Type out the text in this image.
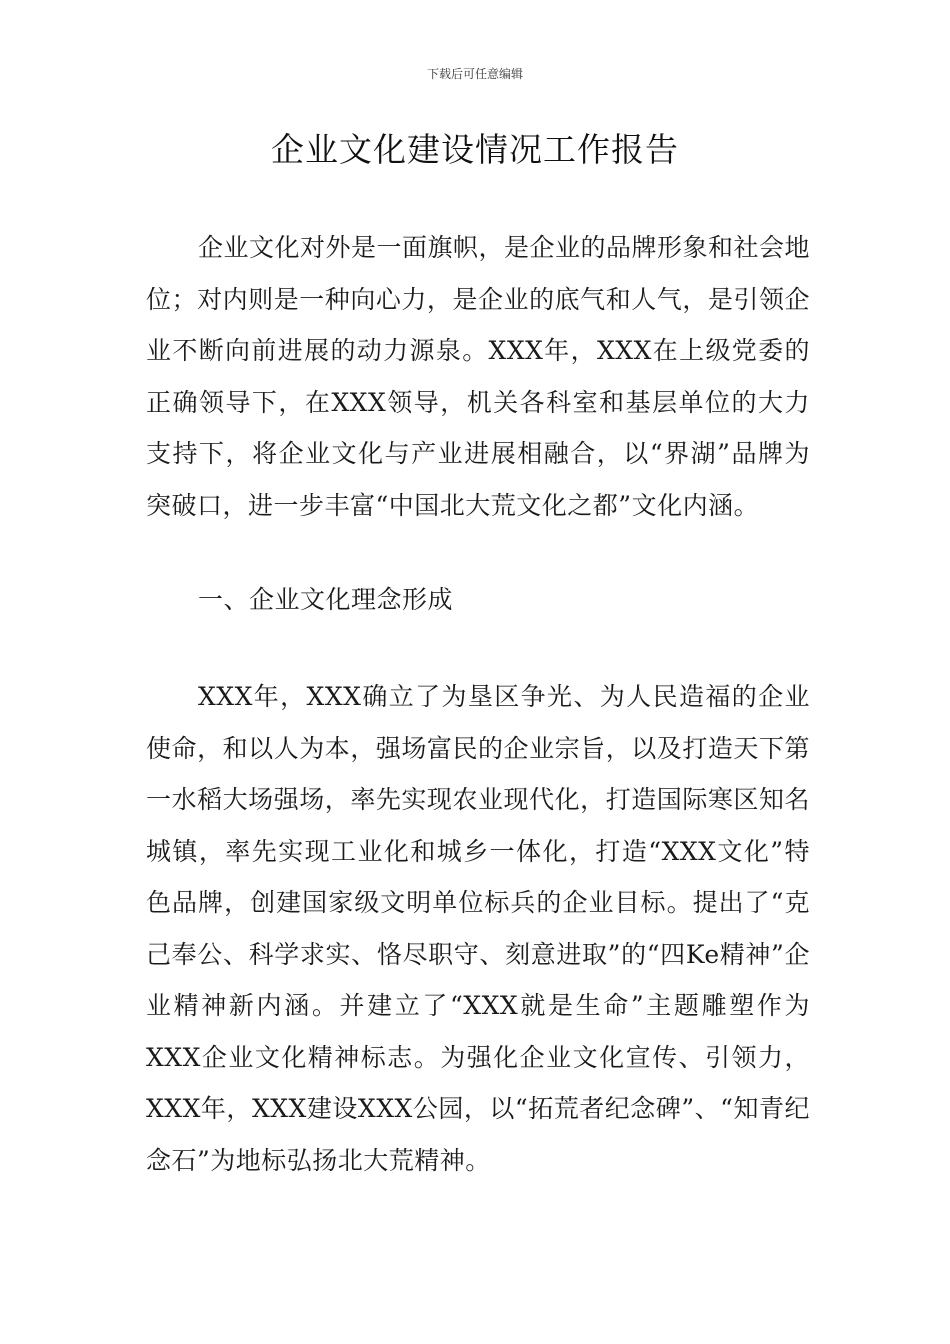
下载后可任意编辑
企业文化建设情况工作报告

企业文化对外是一面旗帜，是企业的品牌形象和社会地位；对内则是一种向心力，是企业的底气和人气，是引领企业不断向前进展的动力源泉。XXX年，XXX在上级党委的正确领导下，在XXX领导，机关各科室和基层单位的大力支持下，将企业文化与产业进展相融合，以“界湖”品牌为突破口，进一步丰富“中国北大荒文化之都”文化内涵。

一、企业文化理念形成

XXX年，XXX确立了为垦区争光、为人民造福的企业使命，和以人为本，强场富民的企业宗旨，以及打造天下第一水稻大场强场，率先实现农业现代化，打造国际寒区知名城镇，率先实现工业化和城乡一体化，打造“XXX文化”特色品牌，创建国家级文明单位标兵的企业目标。提出了“克己奉公、科学求实、恪尽职守、刻意进取”的“四Ke精神”企业精神新内涵。并建立了“XXX就是生命”主题雕塑作为XXX企业文化精神标志。为强化企业文化宣传、引领力，XXX年，XXX建设XXX公园，以“拓荒者纪念碑”、“知青纪念石”为地标弘扬北大荒精神。
